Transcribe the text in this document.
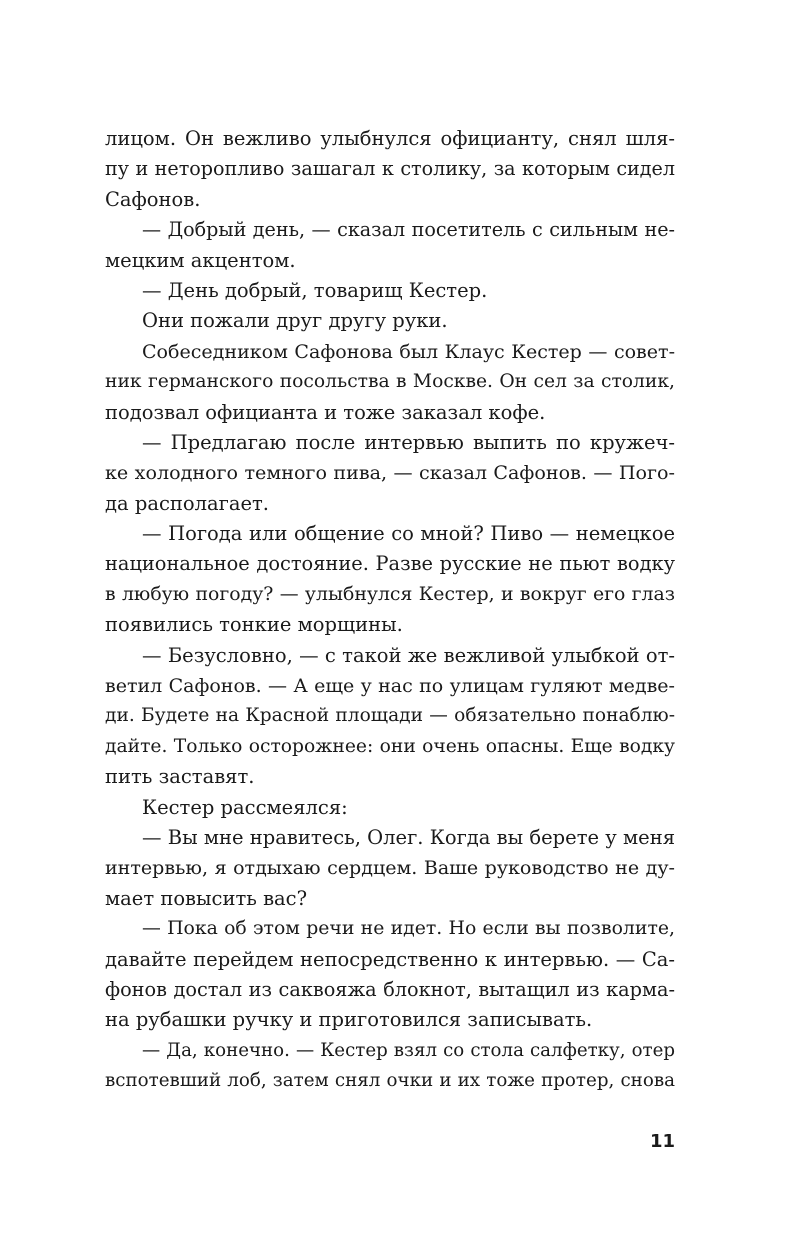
лицом. Он вежливо улыбнулся официанту, снял шля-
пу и неторопливо зашагал к столику, за которым сидел
Сафонов.
— Добрый день, — сказал посетитель с сильным не-
мецким акцентом.
— День добрый, товарищ Кестер.
Они пожали друг другу руки.
Собеседником Сафонова был Клаус Кестер — совет-
ник германского посольства в Москве. Он сел за столик,
подозвал официанта и тоже заказал кофе.
— Предлагаю после интервью выпить по кружеч-
ке холодного темного пива, — сказал Сафонов. — Пого-
да располагает.
— Погода или общение со мной? Пиво — немецкое
национальное достояние. Разве русские не пьют водку
в любую погоду? — улыбнулся Кестер, и вокруг его глаз
появились тонкие морщины.
— Безусловно, — с такой же вежливой улыбкой от-
ветил Сафонов. — А еще у нас по улицам гуляют медве-
ди. Будете на Красной площади — обязательно понаблю-
дайте. Только осторожнее: они очень опасны. Еще водку
пить заставят.
Кестер рассмеялся:
— Вы мне нравитесь, Олег. Когда вы берете у меня
интервью, я отдыхаю сердцем. Ваше руководство не ду-
мает повысить вас?
— Пока об этом речи не идет. Но если вы позволите,
давайте перейдем непосредственно к интервью. — Са-
фонов достал из саквояжа блокнот, вытащил из карма-
на рубашки ручку и приготовился записывать.
— Да, конечно. — Кестер взял со стола салфетку, отер
вспотевший лоб, затем снял очки и их тоже протер, снова
11
